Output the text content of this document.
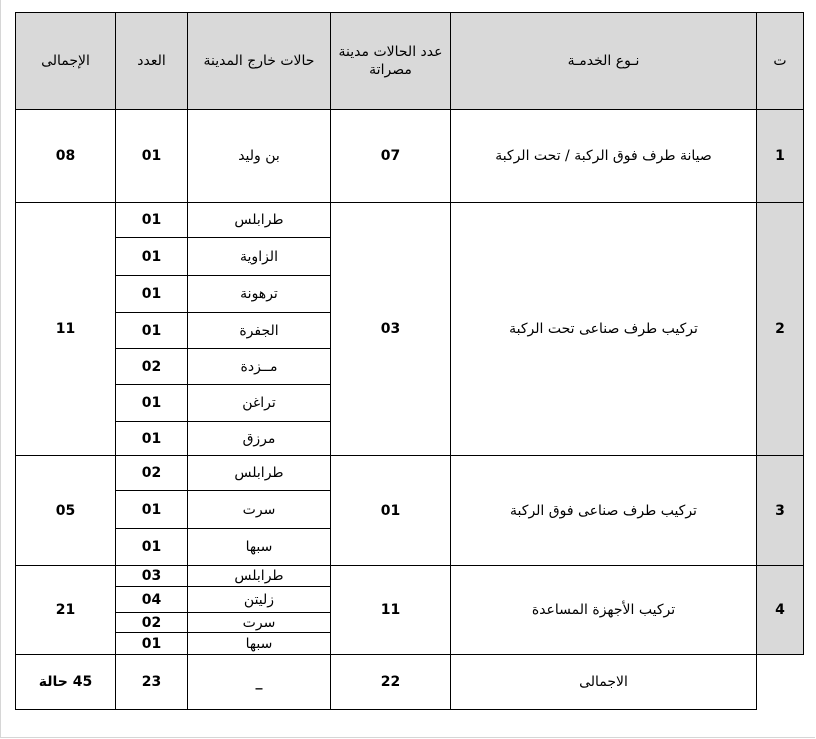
الإجمالى	العدد	حالات خارج المدينة	عدد الحالات مدينة مصراتة	نـوع الخدمـة	ت
08	01	بن وليد	07	صيانة طرف فوق الركبة / تحت الركبة	1
11	01	طرابلس	03	تركيب طرف صناعى تحت الركبة	2
	01	الزاوية			
	01	ترهونة			
	01	الجفرة			
	02	مــزدة			
	01	تراغن			
	01	مرزق			
05	02	طرابلس	01	تركيب طرف صناعى فوق الركبة	3
	01	سرت			
	01	سبها			
21	03	طرابلس	11	تركيب الأجهزة المساعدة	4
	04	زليتن			
	02	سرت			
	01	سبها			
45 حالة	23	_	22	الاجمالى	
